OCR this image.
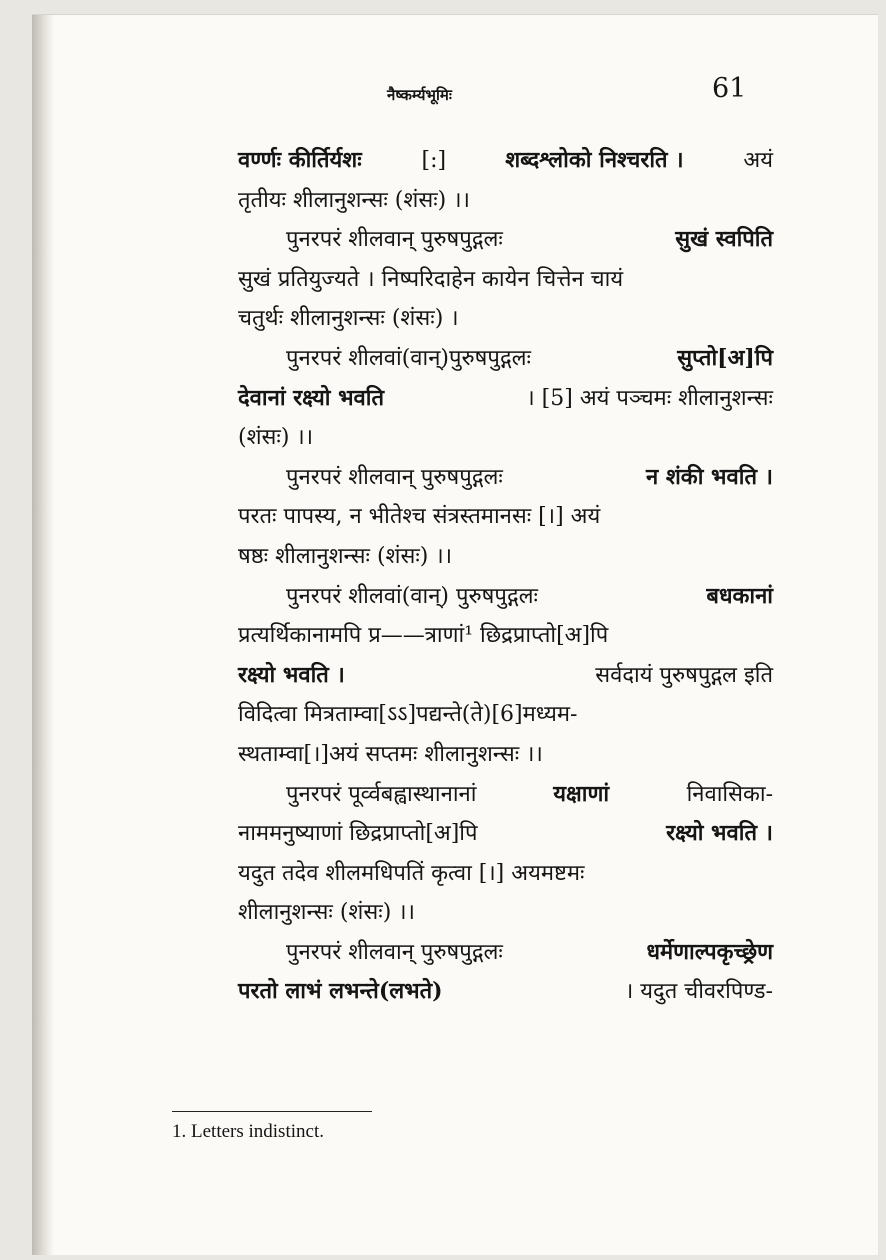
नैष्कर्म्यभूमिः	61
वर्ण्णः कीर्तिर्यशः [:] शब्दश्लोको निश्चरति । अयं
तृतीयः शीलानुशन्सः (शंसः) ।।
पुनरपरं शीलवान् पुरुषपुद्गलः	सुखं स्वपिति
सुखं प्रतियुज्यते । निष्परिदाहेन कायेन चित्तेन चायं
चतुर्थः शीलानुशन्सः (शंसः) ।
पुनरपरं शीलवां(वान्)पुरुषपुद्गलः	सुप्तो[अ]पि
देवानां रक्ष्यो भवति	। [5] अयं पञ्चमः शीलानुशन्सः
(शंसः) ।।
पुनरपरं शीलवान् पुरुषपुद्गलः	न शंकी भवति ।
परतः पापस्य, न भीतेश्च संत्रस्तमानसः [।] अयं
षष्ठः शीलानुशन्सः (शंसः) ।।
पुनरपरं शीलवां(वान्) पुरुषपुद्गलः	बधकानां
प्रत्यर्थिकानामपि प्र——त्राणां¹ छिद्रप्राप्तो[अ]पि
रक्ष्यो भवति ।	सर्वदायं पुरुषपुद्गल इति
विदित्वा मित्रताम्वा[ऽऽ]पद्यन्ते(ते)[6]मध्यम-
स्थताम्वा[।]अयं सप्तमः शीलानुशन्सः ।।
पुनरपरं पूर्व्वबह्वास्थानानां	यक्षाणां	निवासिका-
नाममनुष्याणां छिद्रप्राप्तो[अ]पि	रक्ष्यो भवति ।
यदुत तदेव शीलमधिपतिं कृत्वा [।] अयमष्टमः
शीलानुशन्सः (शंसः) ।।
पुनरपरं शीलवान् पुरुषपुद्गलः	धर्मेणाल्पकृच्छ्रेण
परतो लाभं लभन्ते(लभते)	। यदुत चीवरपिण्ड-
1. Letters indistinct.
